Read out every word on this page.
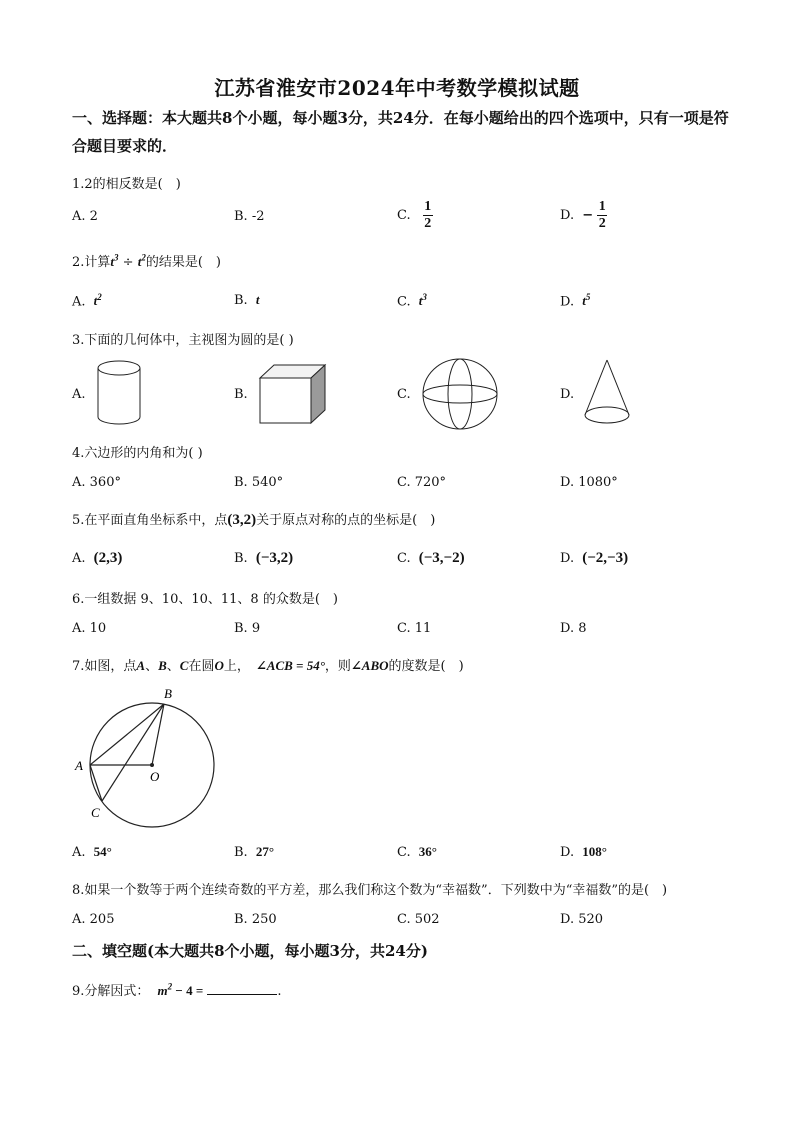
江苏省淮安市2024年中考数学模拟试题
一、选择题：本大题共8个小题，每小题3分，共24分．在每小题给出的四个选项中，只有一项是符合题目要求的．
1.2的相反数是(　)
A. 2	B. -2	C. $\frac{1}{2}$	D. − $\frac{1}{2}$
2.计算$t^3 \div t^2$的结果是(　)
A. $t^2$	B. t	C. $t^3$	D. $t^5$
3.下面的几何体中，主视图为圆的是( )
A.	B.	C.	D.
4.六边形的内角和为( )
A. 360°	B. 540°	C. 720°	D. 1080°
5.在平面直角坐标系中，点(3,2)关于原点对称的点的坐标是(　)
A. (2,3)	B. (−3,2)	C. (−3,−2)	D. (−2,−3)
6.一组数据 9、10、10、11、8 的众数是(　)
A. 10	B. 9	C. 11	D. 8
7.如图，点A、B、C在圆O上， ∠ACB = 54°，则∠ABO的度数是(　)
A
B
C
O
A. 54°	B. 27°	C. 36°	D. 108°
8.如果一个数等于两个连续奇数的平方差，那么我们称这个数为“幸福数”．下列数中为“幸福数”的是(　)
A. 205	B. 250	C. 502	D. 520
二、填空题(本大题共8个小题，每小题3分，共24分)
9.分解因式： $m^2 - 4$ =	.
